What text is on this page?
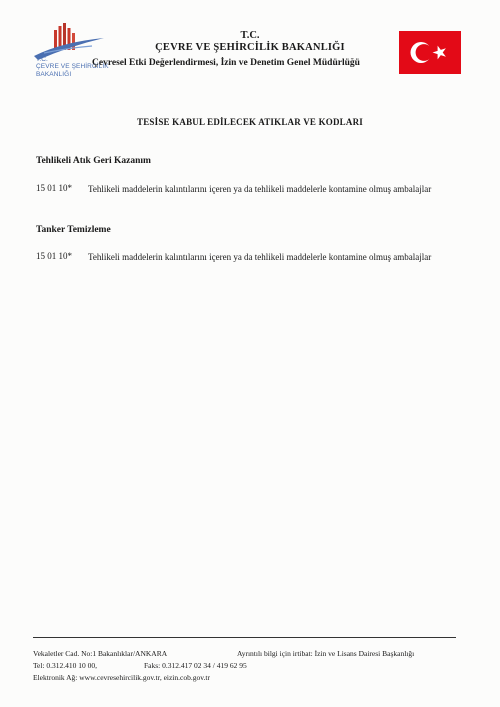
T.C.
ÇEVRE VE ŞEHİRCİLİK
BAKANLIĞI
T.C.
ÇEVRE VE ŞEHİRCİLİK BAKANLIĞI
Çevresel Etki Değerlendirmesi, İzin ve Denetim Genel Müdürlüğü
TESİSE KABUL EDİLECEK ATIKLAR VE KODLARI
Tehlikeli Atık Geri Kazanım
15 01 10* Tehlikeli maddelerin kalıntılarını içeren ya da tehlikeli maddelerle kontamine olmuş ambalajlar
Tanker Temizleme
15 01 10* Tehlikeli maddelerin kalıntılarını içeren ya da tehlikeli maddelerle kontamine olmuş ambalajlar
Vekaletler Cad. No:1 Bakanlıklar/ANKARA	Ayrıntılı bilgi için irtibat: İzin ve Lisans Dairesi Başkanlığı
Tel: 0.312.410 10 00,	Faks: 0.312.417 02 34 / 419 62 95
Elektronik Ağ: www.cevresehircilik.gov.tr, eizin.cob.gov.tr
